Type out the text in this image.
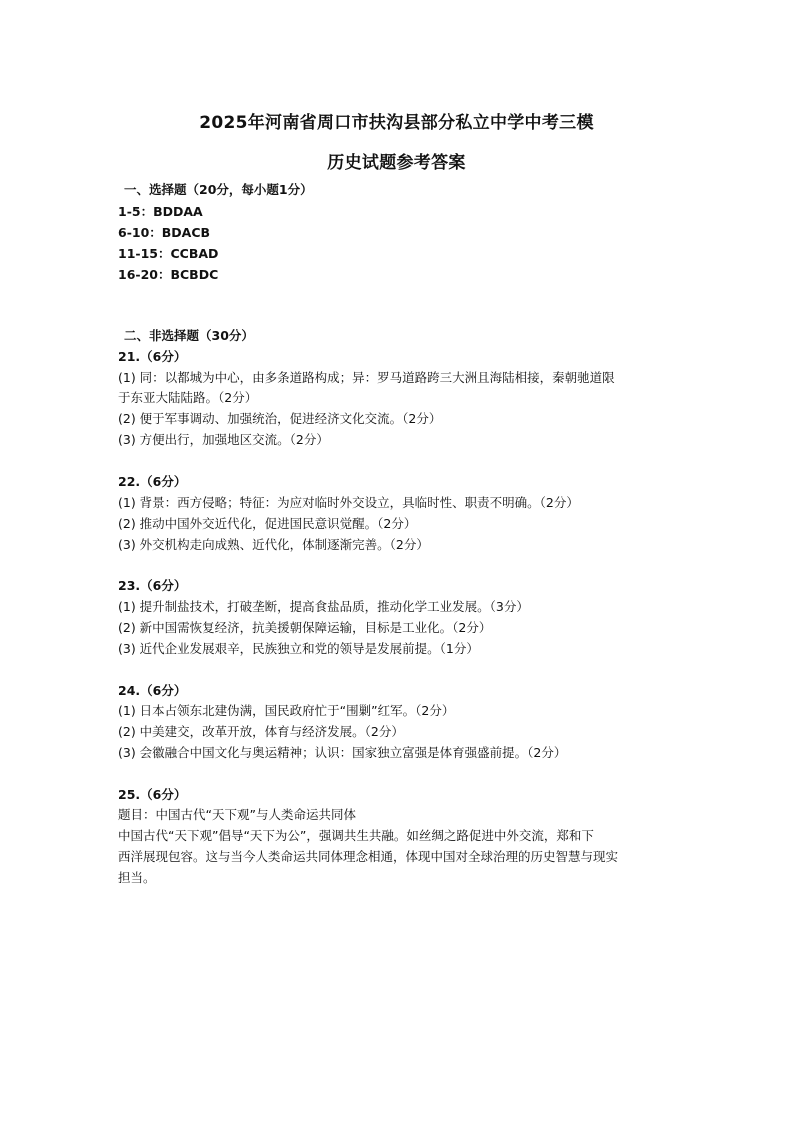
2025年河南省周口市扶沟县部分私立中学中考三模
历史试题参考答案
一、选择题（20分，每小题1分）
1-5：BDDAA
6-10：BDACB
11-15：CCBAD
16-20：BCBDC
二、非选择题（30分）
21.（6分）
(1) 同：以都城为中心，由多条道路构成；异：罗马道路跨三大洲且海陆相接，秦朝驰道限
于东亚大陆陆路。（2分）
(2) 便于军事调动、加强统治，促进经济文化交流。（2分）
(3) 方便出行，加强地区交流。（2分）
22.（6分）
(1) 背景：西方侵略；特征：为应对临时外交设立，具临时性、职责不明确。（2分）
(2) 推动中国外交近代化，促进国民意识觉醒。（2分）
(3) 外交机构走向成熟、近代化，体制逐渐完善。（2分）
23.（6分）
(1) 提升制盐技术，打破垄断，提高食盐品质，推动化学工业发展。（3分）
(2) 新中国需恢复经济，抗美援朝保障运输，目标是工业化。（2分）
(3) 近代企业发展艰辛，民族独立和党的领导是发展前提。（1分）
24.（6分）
(1) 日本占领东北建伪满，国民政府忙于“围剿”红军。（2分）
(2) 中美建交，改革开放，体育与经济发展。（2分）
(3) 会徽融合中国文化与奥运精神；认识：国家独立富强是体育强盛前提。（2分）
25.（6分）
题目：中国古代“天下观”与人类命运共同体
中国古代“天下观”倡导“天下为公”，强调共生共融。如丝绸之路促进中外交流，郑和下
西洋展现包容。这与当今人类命运共同体理念相通，体现中国对全球治理的历史智慧与现实
担当。
